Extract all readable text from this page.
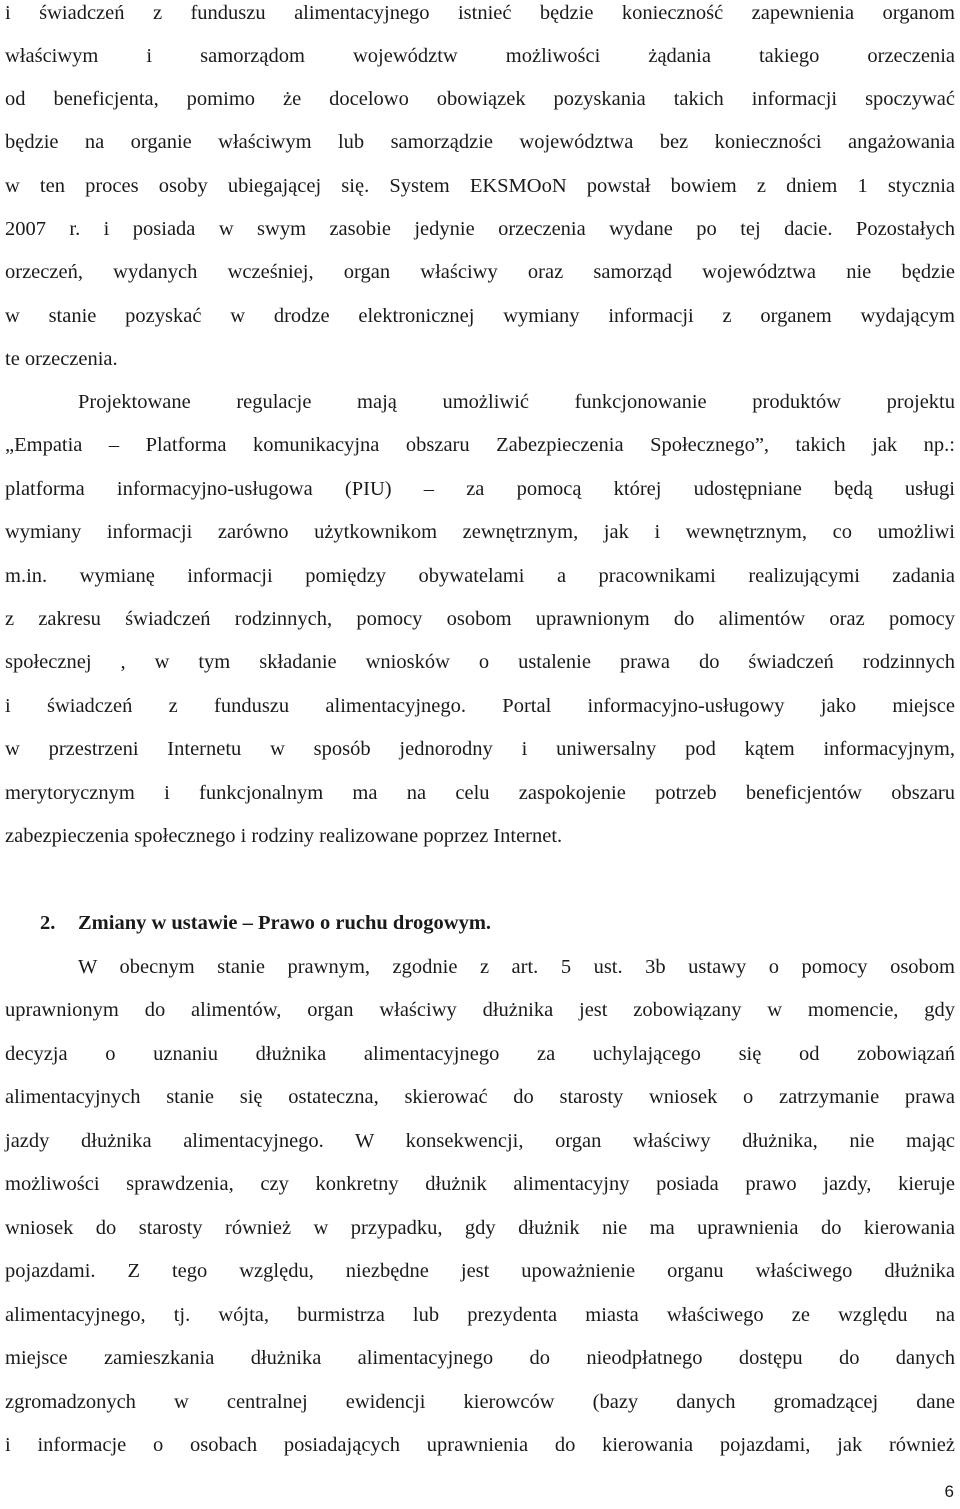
i świadczeń z funduszu alimentacyjnego istnieć będzie konieczność zapewnienia organom
właściwym i samorządom województw możliwości żądania takiego orzeczenia
od beneficjenta, pomimo że docelowo obowiązek pozyskania takich informacji spoczywać
będzie na organie właściwym lub samorządzie województwa bez konieczności angażowania
w ten proces osoby ubiegającej się. System EKSMOoN powstał bowiem z dniem 1 stycznia
2007 r. i posiada w swym zasobie jedynie orzeczenia wydane po tej dacie. Pozostałych
orzeczeń, wydanych wcześniej, organ właściwy oraz samorząd województwa nie będzie
w stanie pozyskać w drodze elektronicznej wymiany informacji z organem wydającym
te orzeczenia.
Projektowane regulacje mają umożliwić funkcjonowanie produktów projektu
„Empatia – Platforma komunikacyjna obszaru Zabezpieczenia Społecznego”, takich jak np.:
platforma informacyjno-usługowa (PIU) – za pomocą której udostępniane będą usługi
wymiany informacji zarówno użytkownikom zewnętrznym, jak i wewnętrznym, co umożliwi
m.in. wymianę informacji pomiędzy obywatelami a pracownikami realizującymi zadania
z zakresu świadczeń rodzinnych, pomocy osobom uprawnionym do alimentów oraz pomocy
społecznej , w tym składanie wniosków o ustalenie prawa do świadczeń rodzinnych
i świadczeń z funduszu alimentacyjnego. Portal informacyjno-usługowy jako miejsce
w przestrzeni Internetu w sposób jednorodny i uniwersalny pod kątem informacyjnym,
merytorycznym i funkcjonalnym ma na celu zaspokojenie potrzeb beneficjentów obszaru
zabezpieczenia społecznego i rodziny realizowane poprzez Internet.
2. Zmiany w ustawie – Prawo o ruchu drogowym.
W obecnym stanie prawnym, zgodnie z art. 5 ust. 3b ustawy o pomocy osobom
uprawnionym do alimentów, organ właściwy dłużnika jest zobowiązany w momencie, gdy
decyzja o uznaniu dłużnika alimentacyjnego za uchylającego się od zobowiązań
alimentacyjnych stanie się ostateczna, skierować do starosty wniosek o zatrzymanie prawa
jazdy dłużnika alimentacyjnego. W konsekwencji, organ właściwy dłużnika, nie mając
możliwości sprawdzenia, czy konkretny dłużnik alimentacyjny posiada prawo jazdy, kieruje
wniosek do starosty również w przypadku, gdy dłużnik nie ma uprawnienia do kierowania
pojazdami. Z tego względu, niezbędne jest upoważnienie organu właściwego dłużnika
alimentacyjnego, tj. wójta, burmistrza lub prezydenta miasta właściwego ze względu na
miejsce zamieszkania dłużnika alimentacyjnego do nieodpłatnego dostępu do danych
zgromadzonych w centralnej ewidencji kierowców (bazy danych gromadzącej dane
i informacje o osobach posiadających uprawnienia do kierowania pojazdami, jak również
6
